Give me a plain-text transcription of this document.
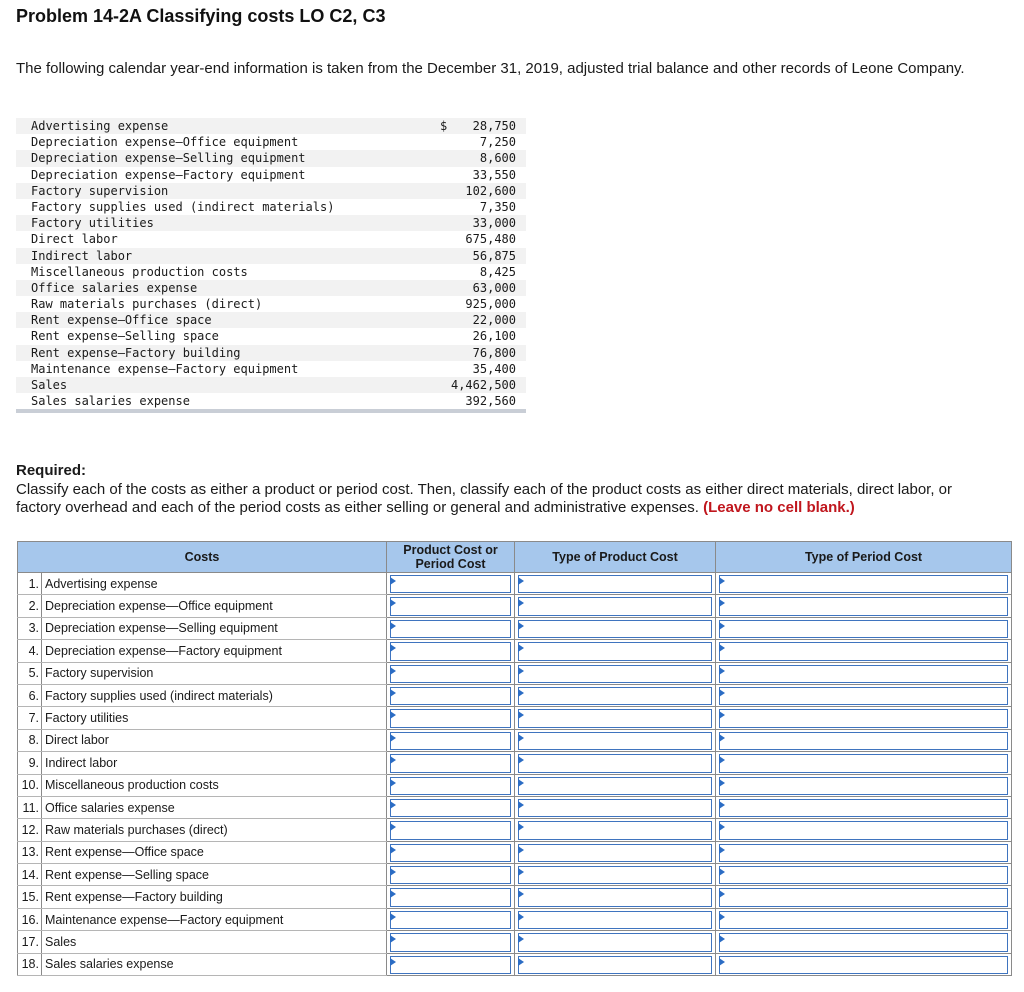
Problem 14-2A Classifying costs LO C2, C3

The following calendar year-end information is taken from the December 31, 2019, adjusted trial balance and other records of Leone Company.

Advertising expense	$ 28,750
Depreciation expense—Office equipment	7,250
Depreciation expense—Selling equipment	8,600
Depreciation expense—Factory equipment	33,550
Factory supervision	102,600
Factory supplies used (indirect materials)	7,350
Factory utilities	33,000
Direct labor	675,480
Indirect labor	56,875
Miscellaneous production costs	8,425
Office salaries expense	63,000
Raw materials purchases (direct)	925,000
Rent expense—Office space	22,000
Rent expense—Selling space	26,100
Rent expense—Factory building	76,800
Maintenance expense—Factory equipment	35,400
Sales	4,462,500
Sales salaries expense	392,560

Required:

Classify each of the costs as either a product or period cost. Then, classify each of the product costs as either direct materials, direct labor, or factory overhead and each of the period costs as either selling or general and administrative expenses. (Leave no cell blank.)

Costs		Product Cost or Period Cost	Type of Product Cost	Type of Period Cost
1.	Advertising expense	

2.	Depreciation expense—Office equipment	

3.	Depreciation expense—Selling equipment	

4.	Depreciation expense—Factory equipment	

5.	Factory supervision	

6.	Factory supplies used (indirect materials)	

7.	Factory utilities	

8.	Direct labor	

9.	Indirect labor	

10.	Miscellaneous production costs	

11.	Office salaries expense	

12.	Raw materials purchases (direct)	

13.	Rent expense—Office space	

14.	Rent expense—Selling space	

15.	Rent expense—Factory building	

16.	Maintenance expense—Factory equipment	

17.	Sales	

18.	Sales salaries expense	
